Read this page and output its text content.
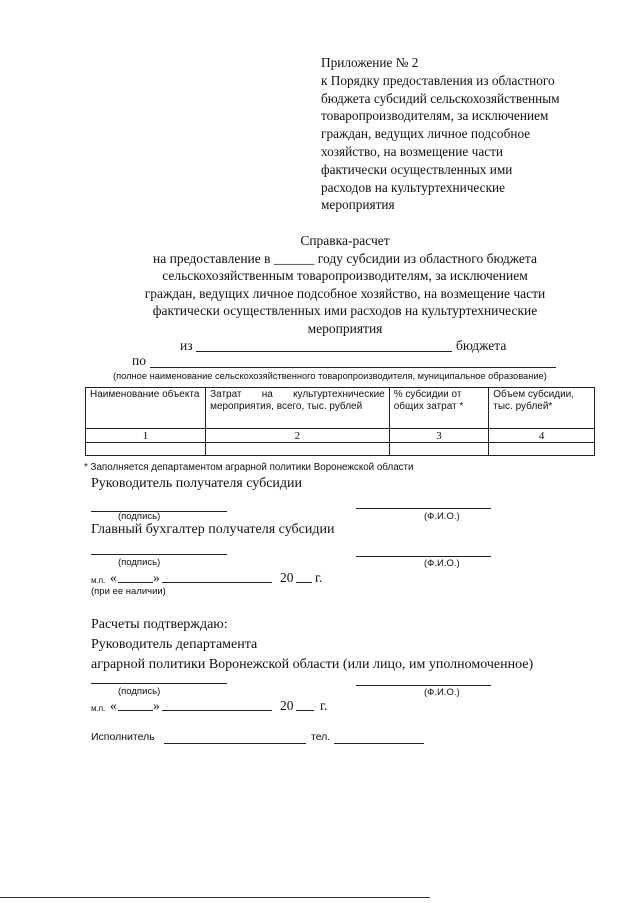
Приложение № 2
к Порядку предоставления из областного
бюджета субсидий сельскохозяйственным
товаропроизводителям, за исключением
граждан, ведущих личное подсобное
хозяйство, на возмещение части
фактически осуществленных ими
расходов на культуртехнические
мероприятия
Справка-расчет
на предоставление в ______ году субсидии из областного бюджета
сельскохозяйственным товаропроизводителям, за исключением
граждан, ведущих личное подсобное хозяйство, на возмещение части
фактически осуществленных ими расходов на культуртехнические
мероприятия
из	бюджета
по
(полное наименование сельскохозяйственного товаропроизводителя, муниципальное образование)
Наименование объекта	Затрат на культуртехнические мероприятия, всего, тыс. рублей	% субсидии от общих затрат *	Объем субсидии, тыс. рублей*
1	2	3	4

* Заполняется департаментом аграрной политики Воронежской области
Руководитель получателя субсидии
(подпись)	(Ф.И.О.)
Главный бухгалтер получателя субсидии
(подпись)	(Ф.И.О.)
м.п. «	»	20 г.
(при ее наличии)
Расчеты подтверждаю:
Руководитель департамента
аграрной политики Воронежской области (или лицо, им уполномоченное)
(подпись)	(Ф.И.О.)
м.п. «	»	20 г.
Исполнитель	тел.
